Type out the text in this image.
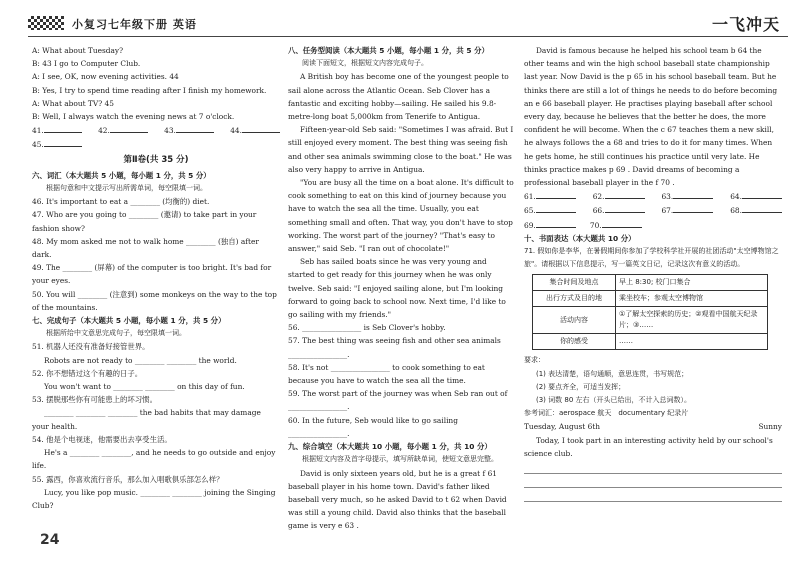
小复习七年级下册 英语	一飞冲天

A: What about Tuesday?

B: 43 I go to Computer Club.

A: I see, OK, now evening activities. 44

B: Yes, I try to spend time reading after I finish my homework.

A: What about TV? 45

B: Well, I always watch the evening news at 7 o'clock.

41.	42.	43.	44.

45.

第Ⅱ卷(共 35 分)

六、词汇（本大题共 5 小题，每小题 1 分，共 5 分）

根据句意和中文提示写出所需单词，每空限填一词。

46. It's important to eat a ________ (均衡的) diet.

47. Who are you going to ________ (邀请) to take part in your fashion show?

48. My mom asked me not to walk home ________ (独自) after dark.

49. The ________ (屏幕) of the computer is too bright. It's bad for your eyes.

50. You will ________ (注意到) some monkeys on the way to the top of the mountains.

七、完成句子（本大题共 5 小题，每小题 1 分，共 5 分）

根据所给中文意思完成句子，每空限填一词。

51. 机器人还没有准备好接管世界。

Robots are not ready to ________ ________ the world.

52. 你不想错过这个有趣的日子。

You won't want to ________ ________ on this day of fun.

53. 摆脱那些你有可能患上的坏习惯。

________ ________ ________ the bad habits that may damage your health.

54. 他是个电视迷，他需要出去享受生活。

He's a ________ ________, and he needs to go outside and enjoy life.

55. 露西，你喜欢流行音乐，那么加入唱歌俱乐部怎么样？

Lucy, you like pop music. ________ ________ joining the Singing Club?

八、任务型阅读（本大题共 5 小题，每小题 1 分，共 5 分）

阅读下面短文，根据短文内容完成句子。

A British boy has become one of the youngest people to sail alone across the Atlantic Ocean. Seb Clover has a fantastic and exciting hobby—sailing. He sailed his 9.8-metre-long boat 5,000km from Tenerife to Antigua.

Fifteen-year-old Seb said: "Sometimes I was afraid. But I still enjoyed every moment. The best thing was seeing fish and other sea animals swimming close to the boat." He was also very happy to arrive in Antigua.

"You are busy all the time on a boat alone. It's difficult to cook something to eat on this kind of journey because you have to watch the sea all the time. Usually, you eat something small and often. That way, you don't have to stop working. The worst part of the journey? "That's easy to answer," said Seb. "I ran out of chocolate!"

Seb has sailed boats since he was very young and started to get ready for this journey when he was only twelve. Seb said: "I enjoyed sailing alone, but I'm looking forward to going back to school now. Next time, I'd like to go sailing with my friends."

56. ________________ is Seb Clover's hobby.

57. The best thing was seeing fish and other sea animals ________________.

58. It's not ________________ to cook something to eat because you have to watch the sea all the time.

59. The worst part of the journey was when Seb ran out of ________________.

60. In the future, Seb would like to go sailing ________________.

九、综合填空（本大题共 10 小题，每小题 1 分，共 10 分）

根据短文内容及首字母提示，填写所缺单词，使短文意思完整。

David is only sixteen years old, but he is a great f 61 baseball player in his home town. David's father liked baseball very much, so he asked David to t 62 when David was still a young child. David also thinks that the baseball game is very e 63 .

David is famous because he helped his school team b 64 the other teams and win the high school baseball state championship last year. Now David is the p 65 in his school baseball team. But he thinks there are still a lot of things he needs to do before becoming an e 66 baseball player. He practises playing baseball after school every day, because he believes that the better he does, the more confident he will become. When the c 67 teaches them a new skill, he always follows the a 68 and tries to do it for many times. When he gets home, he still continues his practice until very late. He thinks practice makes p 69 . David dreams of becoming a professional baseball player in the f 70 .

61.	62.	63.	64.
65.	66.	67.	68.

69.	70.

十、书面表达（本大题共 10 分）

71. 假如你是李华，在暑假期间你参加了学校科学社开展的社团活动"太空博物馆之旅"。请根据以下信息提示，写一篇英文日记，记录这次有意义的活动。

集合时间及地点	早上 8:30; 校门口集合
出行方式及目的地	乘坐校车；参观太空博物馆
活动内容	①了解太空探索的历史；②观看中国航天纪录片；③……
你的感受	……

要求：

(1) 表达清楚，语句通顺，意思连贯，书写规范；

(2) 要点齐全，可适当发挥；

(3) 词数 80 左右（开头已给出，不计入总词数）。

参考词汇：aerospace 航天　documentary 纪录片

Tuesday, August 6th	Sunny

Today, I took part in an interesting activity held by our school's science club.

24
